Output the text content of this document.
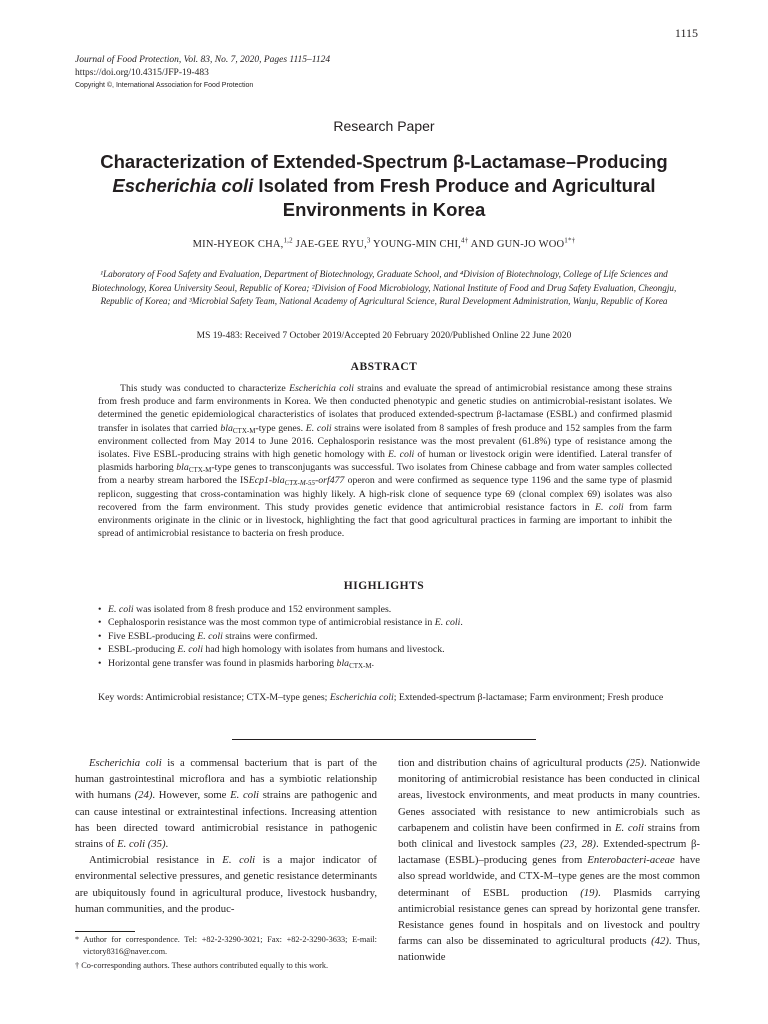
1115
Journal of Food Protection, Vol. 83, No. 7, 2020, Pages 1115–1124
https://doi.org/10.4315/JFP-19-483
Copyright ©, International Association for Food Protection
Research Paper
Characterization of Extended-Spectrum β-Lactamase–Producing
Escherichia coli Isolated from Fresh Produce and Agricultural
Environments in Korea
MIN-HYEOK CHA,$^{1,2}$ JAE-GEE RYU,$^3$ YOUNG-MIN CHI,$^{4\dagger}$ AND GUN-JO $WOO^{1*\dagger}$
¹Laboratory of Food Safety and Evaluation, Department of Biotechnology, Graduate School, and ⁴Division of Biotechnology, College of Life Sciences and Biotechnology, Korea University Seoul, Republic of Korea; ²Division of Food Microbiology, National Institute of Food and Drug Safety Evaluation, Cheongju, Republic of Korea; and ³Microbial Safety Team, National Academy of Agricultural Science, Rural Development Administration, Wanju, Republic of Korea
MS 19-483: Received 7 October 2019/Accepted 20 February 2020/Published Online 22 June 2020
ABSTRACT

This study was conducted to characterize Escherichia coli strains and evaluate the spread of antimicrobial resistance among these strains from fresh produce and farm environments in Korea. We then conducted phenotypic and genetic studies on antimicrobial-resistant isolates. We determined the genetic epidemiological characteristics of isolates that produced extended-spectrum β-lactamase (ESBL) and confirmed plasmid transfer in isolates that carried bla$_{CTX-M}$-type genes. E. coli strains were isolated from 8 samples of fresh produce and 152 samples from the farm environment collected from May 2014 to June 2016. Cephalosporin resistance was the most prevalent (61.8%) type of resistance among the isolates. Five ESBL-producing strains with high genetic homology with E. coli of human or livestock origin were identified. Lateral transfer of plasmids harboring bla$_{CTX-M}$-type genes to transconjugants was successful. Two isolates from Chinese cabbage and from water samples collected from a nearby stream harbored the ISEcp1-bla$_{CTX-M-55}$-orf477 operon and were confirmed as sequence type 1196 and the same type of plasmid replicon, suggesting that cross-contamination was highly likely. A high-risk clone of sequence type 69 (clonal complex 69) isolates was also recovered from the farm environment. This study provides genetic evidence that antimicrobial resistance factors in E. coli from farm environments originate in the clinic or in livestock, highlighting the fact that good agricultural practices in farming are important to inhibit the spread of antimicrobial resistance to bacteria on fresh produce.

HIGHLIGHTS
• E. coli was isolated from 8 fresh produce and 152 environment samples.
• Cephalosporin resistance was the most common type of antimicrobial resistance in E. coli.
• Five ESBL-producing E. coli strains were confirmed.
• ESBL-producing E. coli had high homology with isolates from humans and livestock.
• Horizontal gene transfer was found in plasmids harboring bla$_{CTX-M}$.

Key words: Antimicrobial resistance; CTX-M–type genes; Escherichia coli; Extended-spectrum β-lactamase; Farm environment; Fresh produce

Escherichia coli is a commensal bacterium that is part of the human gastrointestinal microflora and has a symbiotic relationship with humans (24). However, some E. coli strains are pathogenic and can cause intestinal or extraintestinal infections. Increasing attention has been directed toward antimicrobial resistance in pathogenic strains of E. coli (35).

Antimicrobial resistance in E. coli is a major indicator of environmental selective pressures, and genetic resistance determinants are ubiquitously found in agricultural produce, livestock husbandry, human communities, and the produc-

tion and distribution chains of agricultural products (25). Nationwide monitoring of antimicrobial resistance has been conducted in clinical areas, livestock environments, and meat products in many countries. Genes associated with resistance to new antimicrobials such as carbapenem and colistin have been confirmed in E. coli strains from both clinical and livestock samples (23, 28). Extended-spectrum β-lactamase (ESBL)–producing genes from Enterobacteri-aceae have also spread worldwide, and CTX-M–type genes are the most common determinant of ESBL production (19). Plasmids carrying antimicrobial resistance genes can spread by horizontal gene transfer. Resistance genes found in hospitals and on livestock and poultry farms can also be disseminated to agricultural products (42). Thus, nationwide

* Author for correspondence. Tel: +82-2-3290-3021; Fax: +82-2-3290-3633; E-mail: victory8316@naver.com.

† Co-corresponding authors. These authors contributed equally to this work.
